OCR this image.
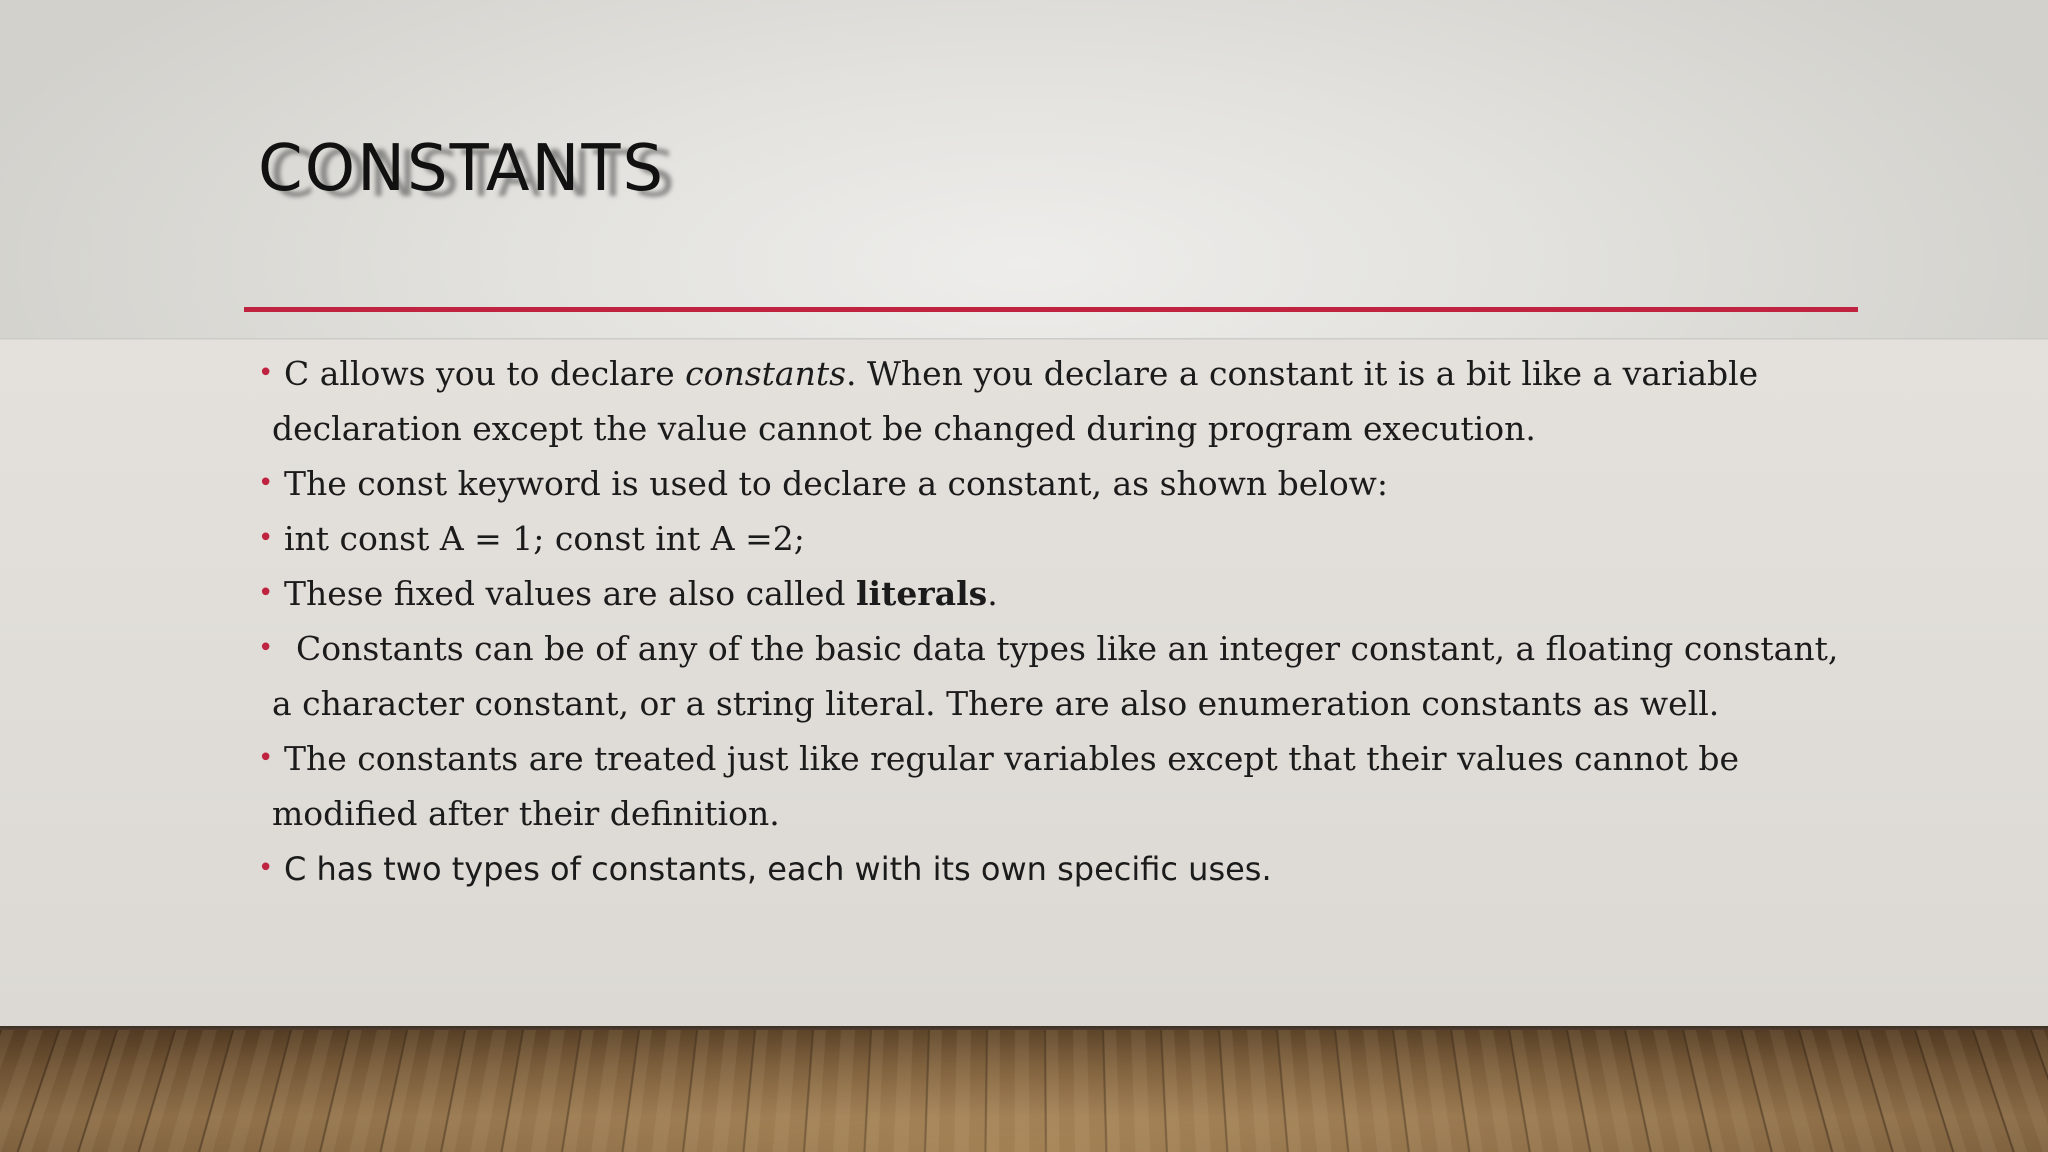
CONSTANTS
• C allows you to declare constants. When you declare a constant it is a bit like a variable
declaration except the value cannot be changed during program execution.
• The const keyword is used to declare a constant, as shown below:
• int const A = 1; const int A =2;
• These fixed values are also called literals.
• Constants can be of any of the basic data types like an integer constant, a floating constant,
a character constant, or a string literal. There are also enumeration constants as well.
• The constants are treated just like regular variables except that their values cannot be
modified after their definition.
• C has two types of constants, each with its own specific uses.
